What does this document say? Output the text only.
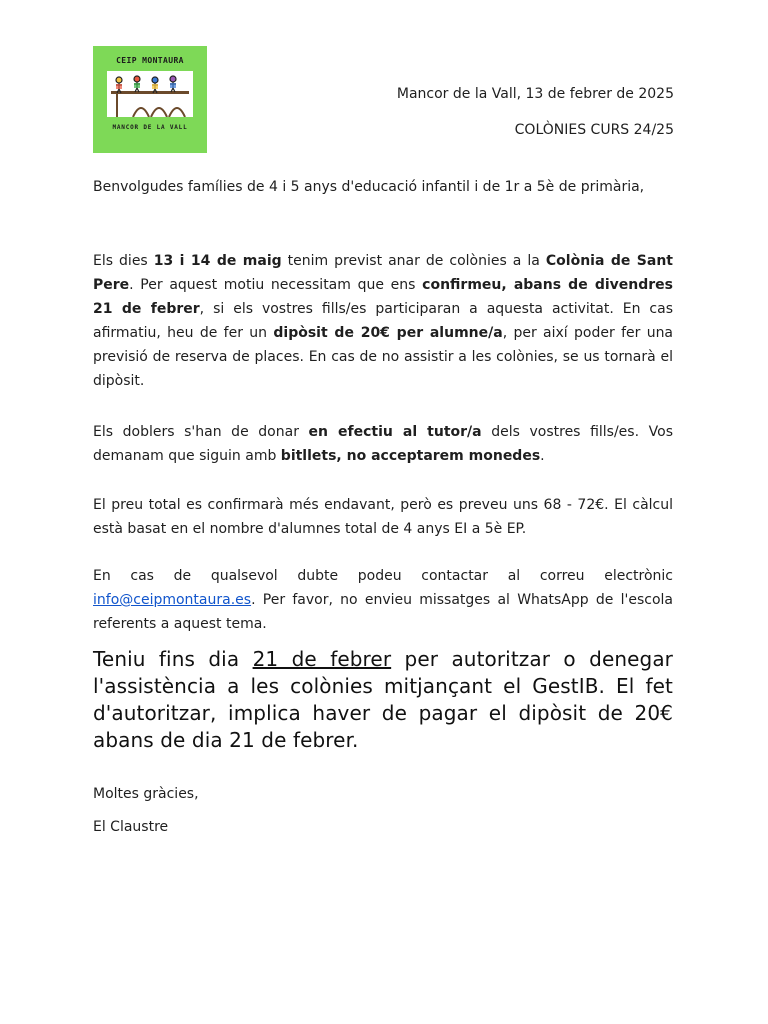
CEIP MONTAURA
MANCOR DE LA VALL
Mancor de la Vall, 13 de febrer de 2025
COLÒNIES CURS 24/25

Benvolgudes famílies de 4 i 5 anys d'educació infantil i de 1r a 5è de primària,

Els dies 13 i 14 de maig tenim previst anar de colònies a la Colònia de Sant Pere. Per aquest motiu necessitam que ens confirmeu, abans de divendres 21 de febrer, si els vostres fills/es participaran a aquesta activitat. En cas afirmatiu, heu de fer un dipòsit de 20€ per alumne/a, per així poder fer una previsió de reserva de places. En cas de no assistir a les colònies, se us tornarà el dipòsit.

Els doblers s'han de donar en efectiu al tutor/a dels vostres fills/es. Vos demanam que siguin amb bitllets, no acceptarem monedes.

El preu total es confirmarà més endavant, però es preveu uns 68 - 72€. El càlcul està basat en el nombre d'alumnes total de 4 anys EI a 5è EP.

En cas de qualsevol dubte podeu contactar al correu electrònic info@ceipmontaura.es. Per favor, no envieu missatges al WhatsApp de l'escola referents a aquest tema.

Teniu fins dia 21 de febrer per autoritzar o denegar l'assistència a les colònies mitjançant el GestIB. El fet d'autoritzar, implica haver de pagar el dipòsit de 20€ abans de dia 21 de febrer.

Moltes gràcies,

El Claustre
